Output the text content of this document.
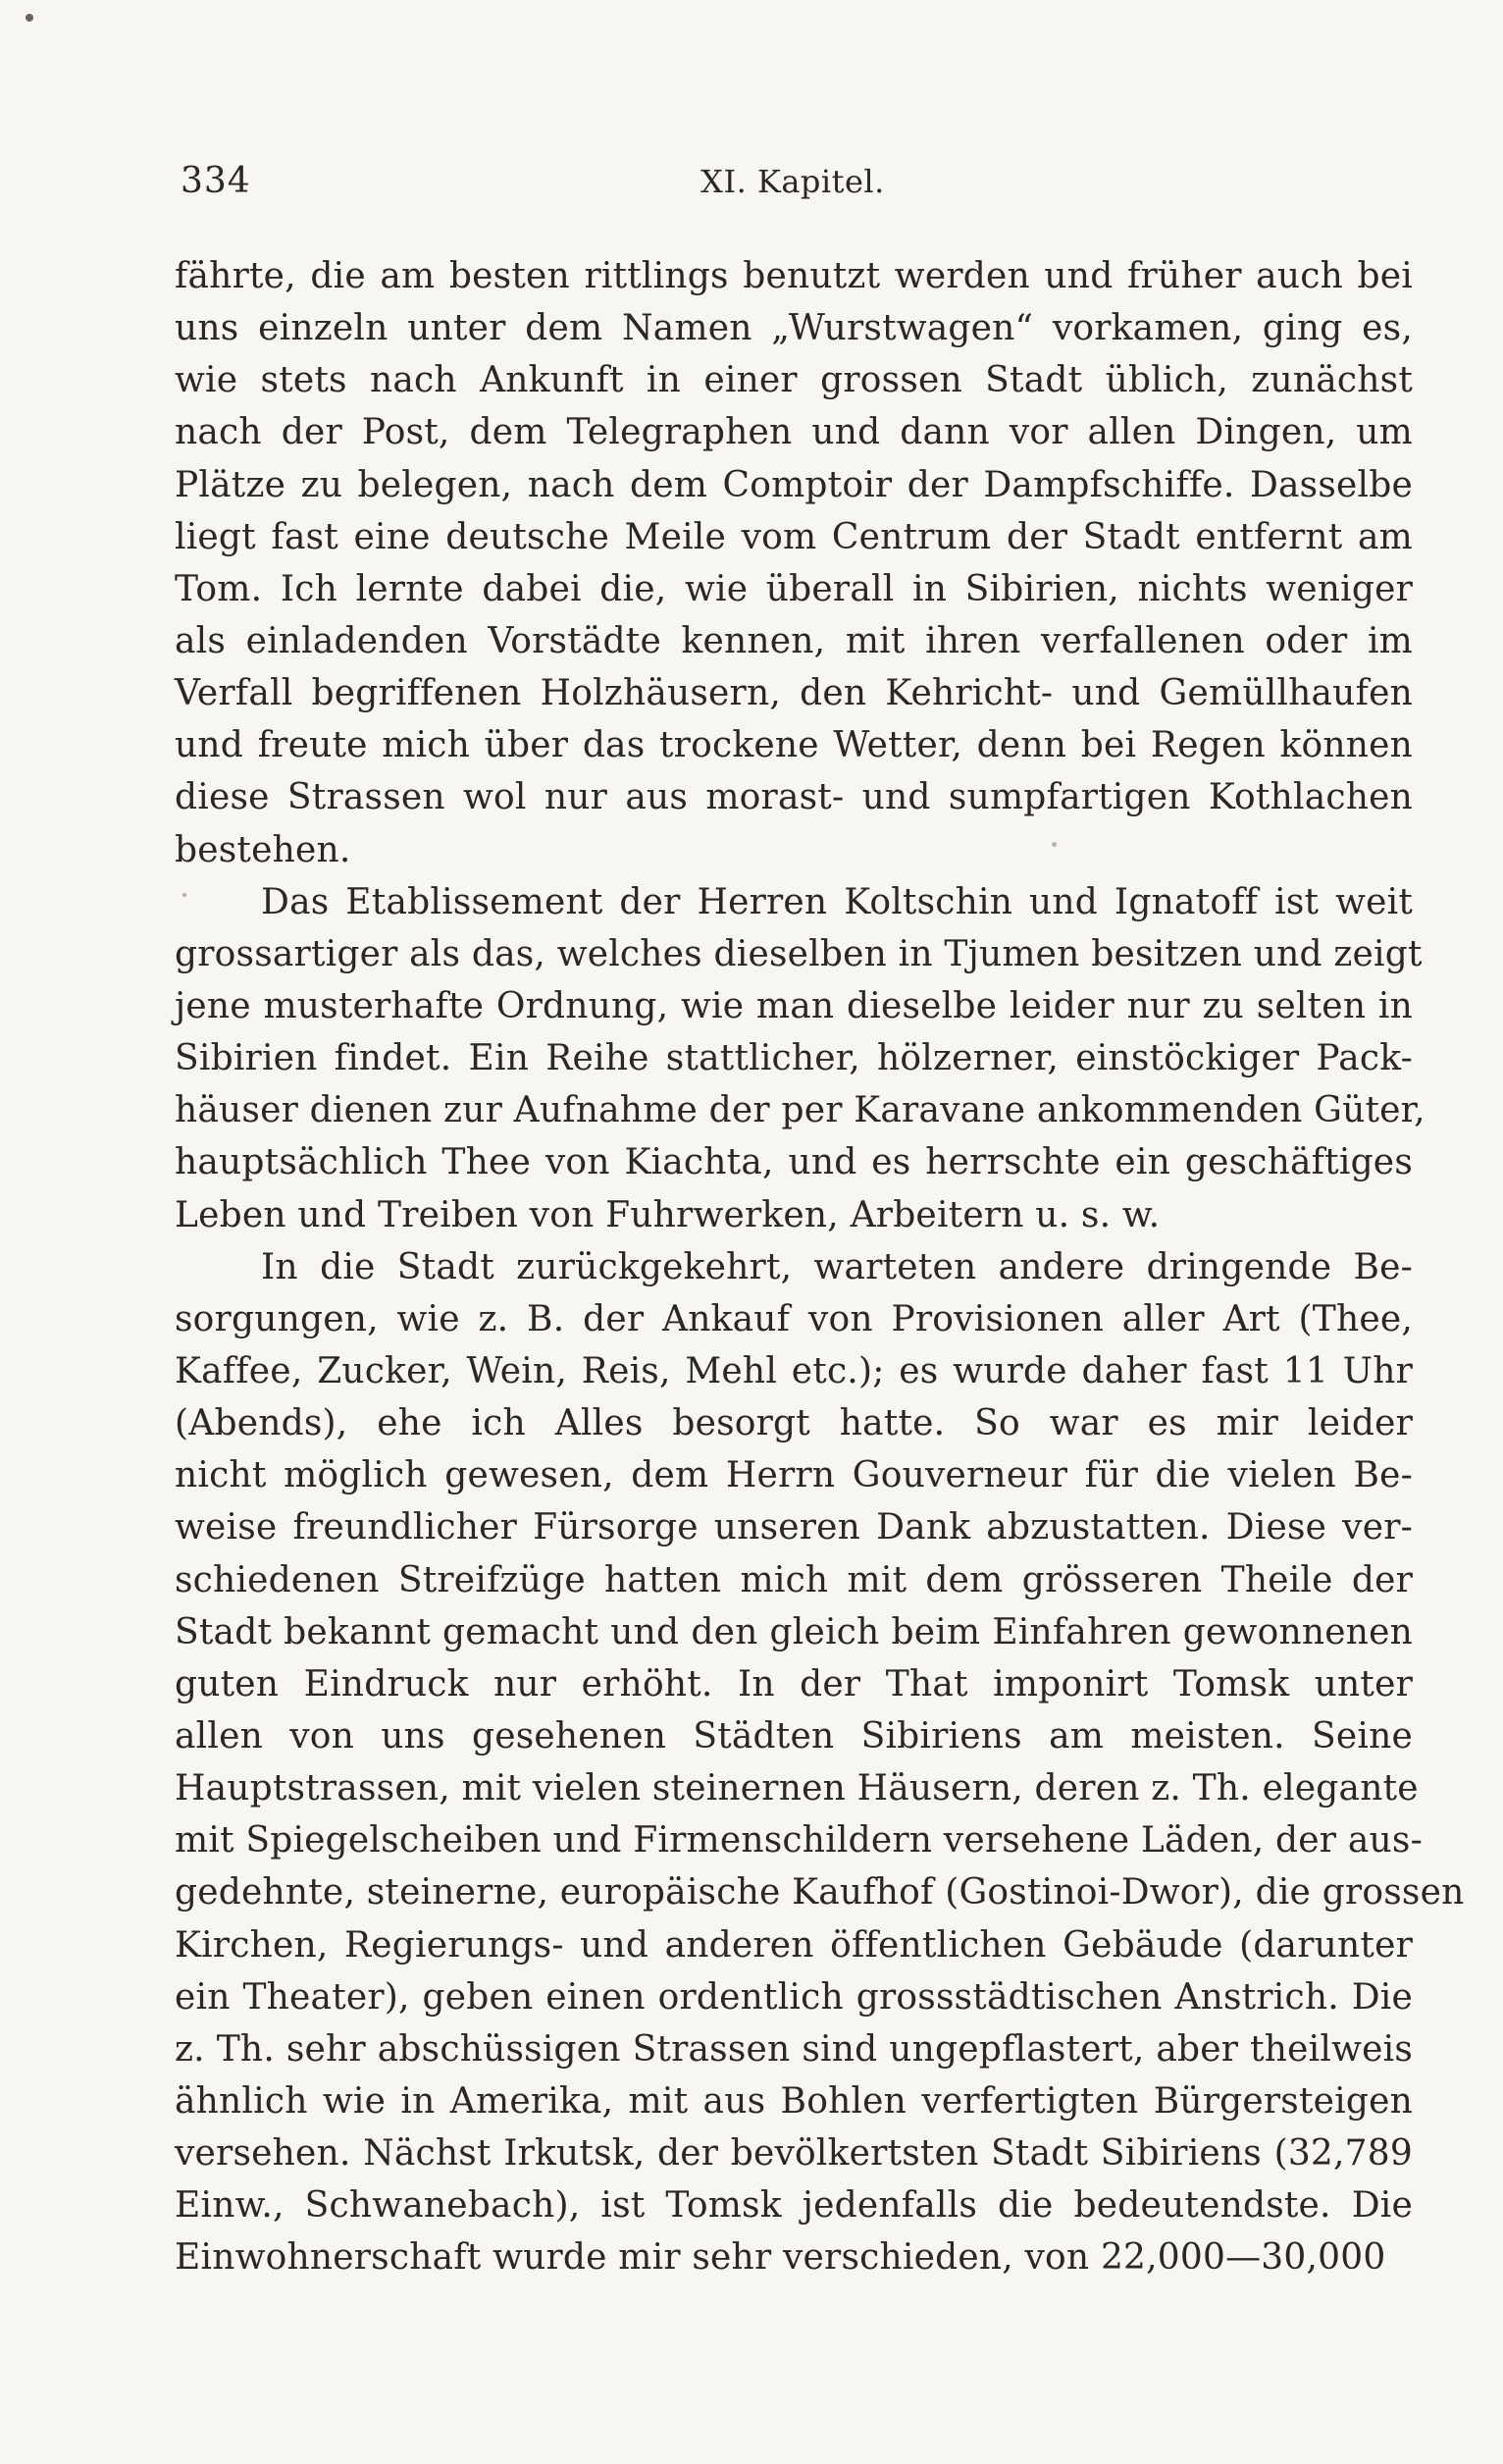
334	XI. Kapitel.
fährte, die am besten rittlings benutzt werden und früher auch bei
uns einzeln unter dem Namen „Wurstwagen“ vorkamen, ging es,
wie stets nach Ankunft in einer grossen Stadt üblich, zunächst
nach der Post, dem Telegraphen und dann vor allen Dingen, um
Plätze zu belegen, nach dem Comptoir der Dampfschiffe. Dasselbe
liegt fast eine deutsche Meile vom Centrum der Stadt entfernt am
Tom. Ich lernte dabei die, wie überall in Sibirien, nichts weniger
als einladenden Vorstädte kennen, mit ihren verfallenen oder im
Verfall begriffenen Holzhäusern, den Kehricht- und Gemüllhaufen
und freute mich über das trockene Wetter, denn bei Regen können
diese Strassen wol nur aus morast- und sumpfartigen Kothlachen
bestehen.
Das Etablissement der Herren Koltschin und Ignatoff ist weit
grossartiger als das, welches dieselben in Tjumen besitzen und zeigt
jene musterhafte Ordnung, wie man dieselbe leider nur zu selten in
Sibirien findet. Ein Reihe stattlicher, hölzerner, einstöckiger Pack-
häuser dienen zur Aufnahme der per Karavane ankommenden Güter,
hauptsächlich Thee von Kiachta, und es herrschte ein geschäftiges
Leben und Treiben von Fuhrwerken, Arbeitern u. s. w.
In die Stadt zurückgekehrt, warteten andere dringende Be-
sorgungen, wie z. B. der Ankauf von Provisionen aller Art (Thee,
Kaffee, Zucker, Wein, Reis, Mehl etc.); es wurde daher fast 11 Uhr
(Abends), ehe ich Alles besorgt hatte. So war es mir leider
nicht möglich gewesen, dem Herrn Gouverneur für die vielen Be-
weise freundlicher Fürsorge unseren Dank abzustatten. Diese ver-
schiedenen Streifzüge hatten mich mit dem grösseren Theile der
Stadt bekannt gemacht und den gleich beim Einfahren gewonnenen
guten Eindruck nur erhöht. In der That imponirt Tomsk unter
allen von uns gesehenen Städten Sibiriens am meisten. Seine
Hauptstrassen, mit vielen steinernen Häusern, deren z. Th. elegante
mit Spiegelscheiben und Firmenschildern versehene Läden, der aus-
gedehnte, steinerne, europäische Kaufhof (Gostinoi-Dwor), die grossen
Kirchen, Regierungs- und anderen öffentlichen Gebäude (darunter
ein Theater), geben einen ordentlich grossstädtischen Anstrich. Die
z. Th. sehr abschüssigen Strassen sind ungepflastert, aber theilweis
ähnlich wie in Amerika, mit aus Bohlen verfertigten Bürgersteigen
versehen. Nächst Irkutsk, der bevölkertsten Stadt Sibiriens (32,789
Einw., Schwanebach), ist Tomsk jedenfalls die bedeutendste. Die
Einwohnerschaft wurde mir sehr verschieden, von 22,000—30,000
